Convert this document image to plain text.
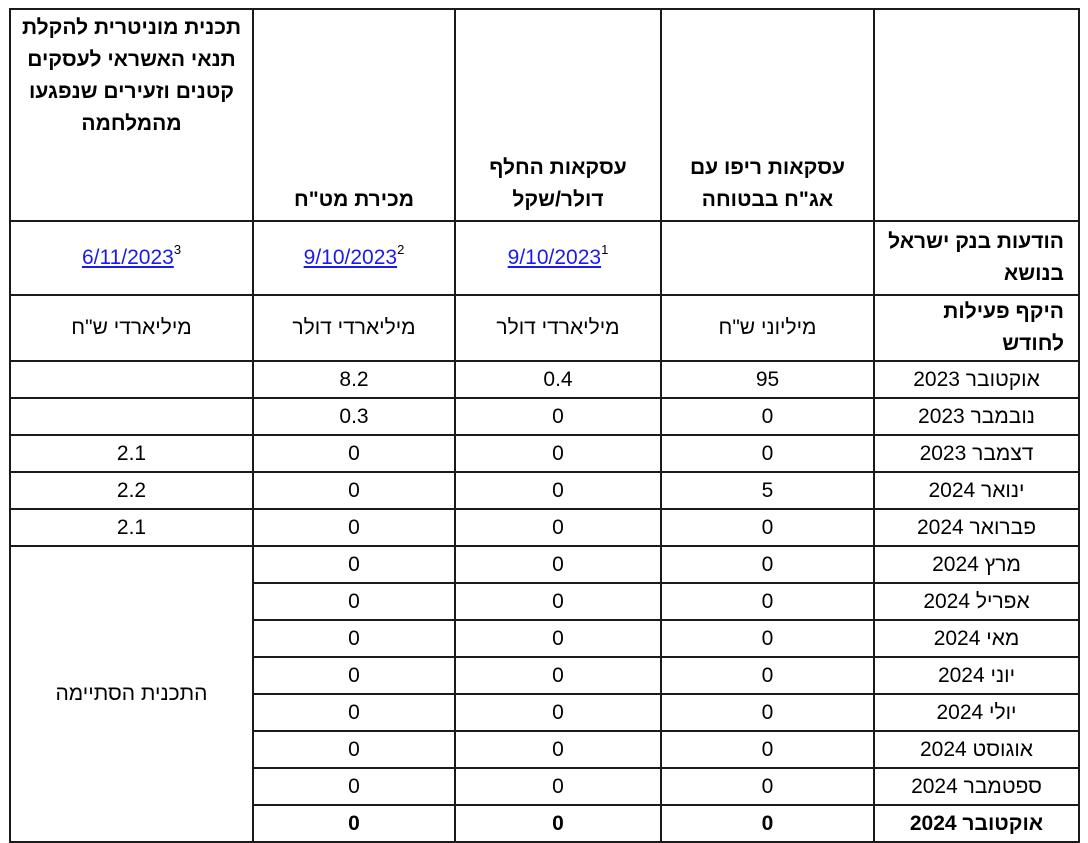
	עסקאות ריפו עם אג"ח בבטוחה	עסקאות החלף דולר/שקל	מכירת מט"ח	תכנית מוניטרית להקלת תנאי האשראי לעסקים קטנים וזעירים שנפגעו מהמלחמה
הודעות בנק ישראל בנושא		9/10/2023$^1$	9/10/2023$^2$	6/11/2023$^3$
היקף פעילות לחודש	מיליוני ש"ח	מיליארדי דולר	מיליארדי דולר	מיליארדי ש"ח
אוקטובר 2023	95	0.4	8.2	
נובמבר 2023	0	0	0.3	
דצמבר 2023	0	0	0	2.1
ינואר 2024	5	0	0	2.2
פברואר 2024	0	0	0	2.1
מרץ 2024	0	0	0	התכנית הסתיימה
אפריל 2024	0	0	0	
מאי 2024	0	0	0	
יוני 2024	0	0	0	
יולי 2024	0	0	0	
אוגוסט 2024	0	0	0	
ספטמבר 2024	0	0	0	
אוקטובר 2024	0	0	0	
